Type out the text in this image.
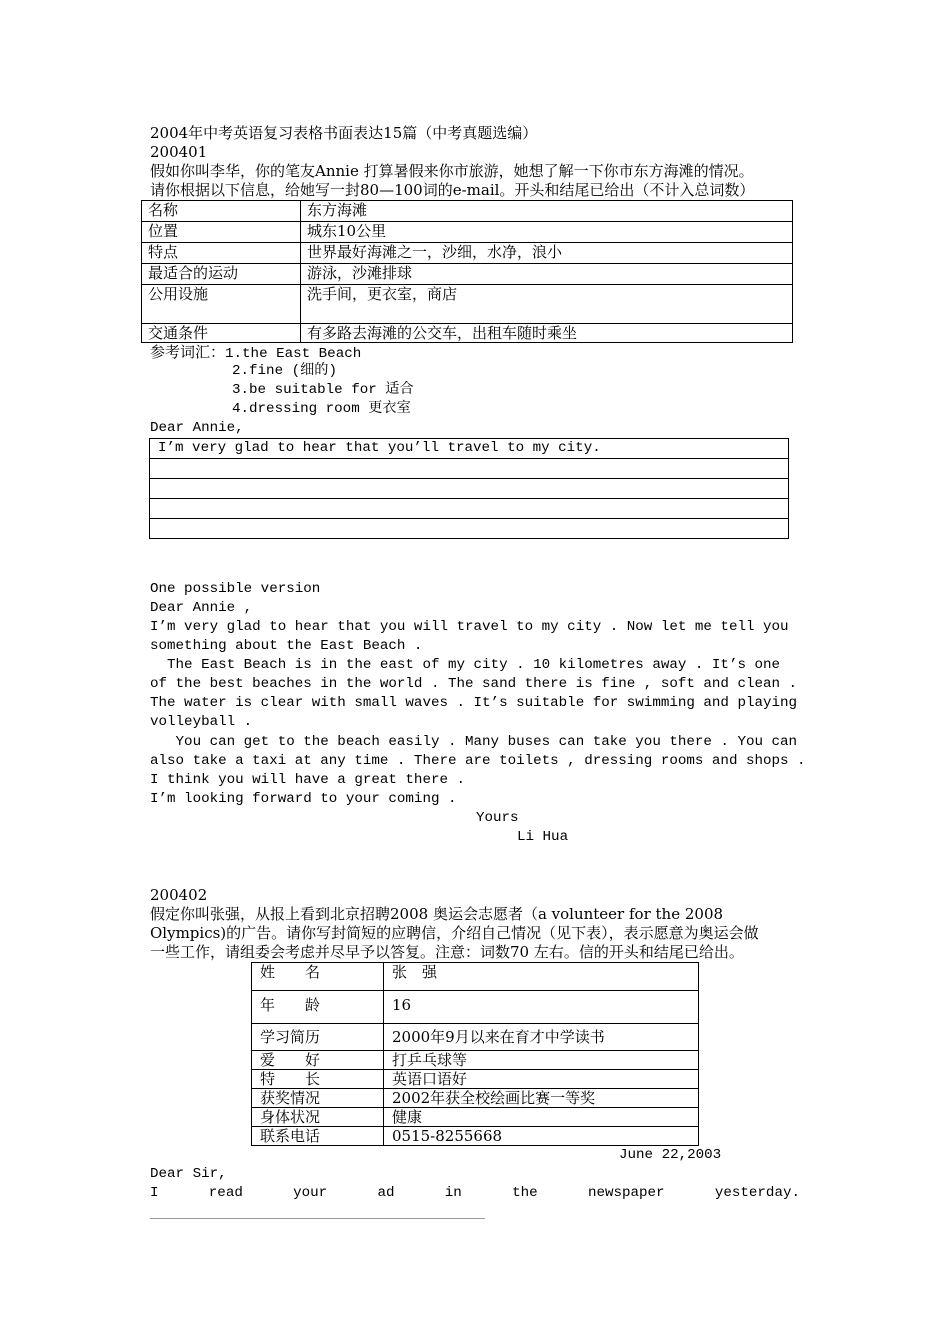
2004年中考英语复习表格书面表达15篇（中考真题选编）
200401
假如你叫李华，你的笔友Annie 打算暑假来你市旅游，她想了解一下你市东方海滩的情况。
请你根据以下信息，给她写一封80—100词的e-mail。开头和结尾已给出（不计入总词数）
名称	东方海滩
位置	城东10公里
特点	世界最好海滩之一，沙细，水净，浪小
最适合的运动	游泳，沙滩排球
公用设施	洗手间，更衣室，商店
交通条件	有多路去海滩的公交车，出租车随时乘坐
参考词汇：1.the East Beach
2.fine (细的)
3.be suitable for 适合
4.dressing room 更衣室
Dear Annie,
I’m very glad to hear that you’ll travel to my city.

One possible version
Dear Annie ,
I’m very glad to hear that you will travel to my city . Now let me tell you
something about the East Beach .
The East Beach is in the east of my city . 10 kilometres away . It’s one
of the best beaches in the world . The sand there is fine , soft and clean .
The water is clear with small waves . It’s suitable for swimming and playing
volleyball .
You can get to the beach easily . Many buses can take you there . You can
also take a taxi at any time . There are toilets , dressing rooms and shops .
I think you will have a great there .
I’m looking forward to your coming .
Yours
Li Hua
200402
假定你叫张强，从报上看到北京招聘2008 奥运会志愿者（a volunteer for the 2008
Olympics)的广告。请你写封简短的应聘信，介绍自己情况（见下表），表示愿意为奥运会做
一些工作，请组委会考虑并尽早予以答复。注意：词数70 左右。信的开头和结尾已给出。
姓　　名	张　强
年　　龄	16
学习简历	2000年9月以来在育才中学读书
爱　　好	打乒乓球等
特　　长	英语口语好
获奖情况	2002年获全校绘画比赛一等奖
身体状况	健康
联系电话	0515-8255668
June 22,2003
Dear Sir,
I	read	your	ad	in	the	newspaper	yesterday.
